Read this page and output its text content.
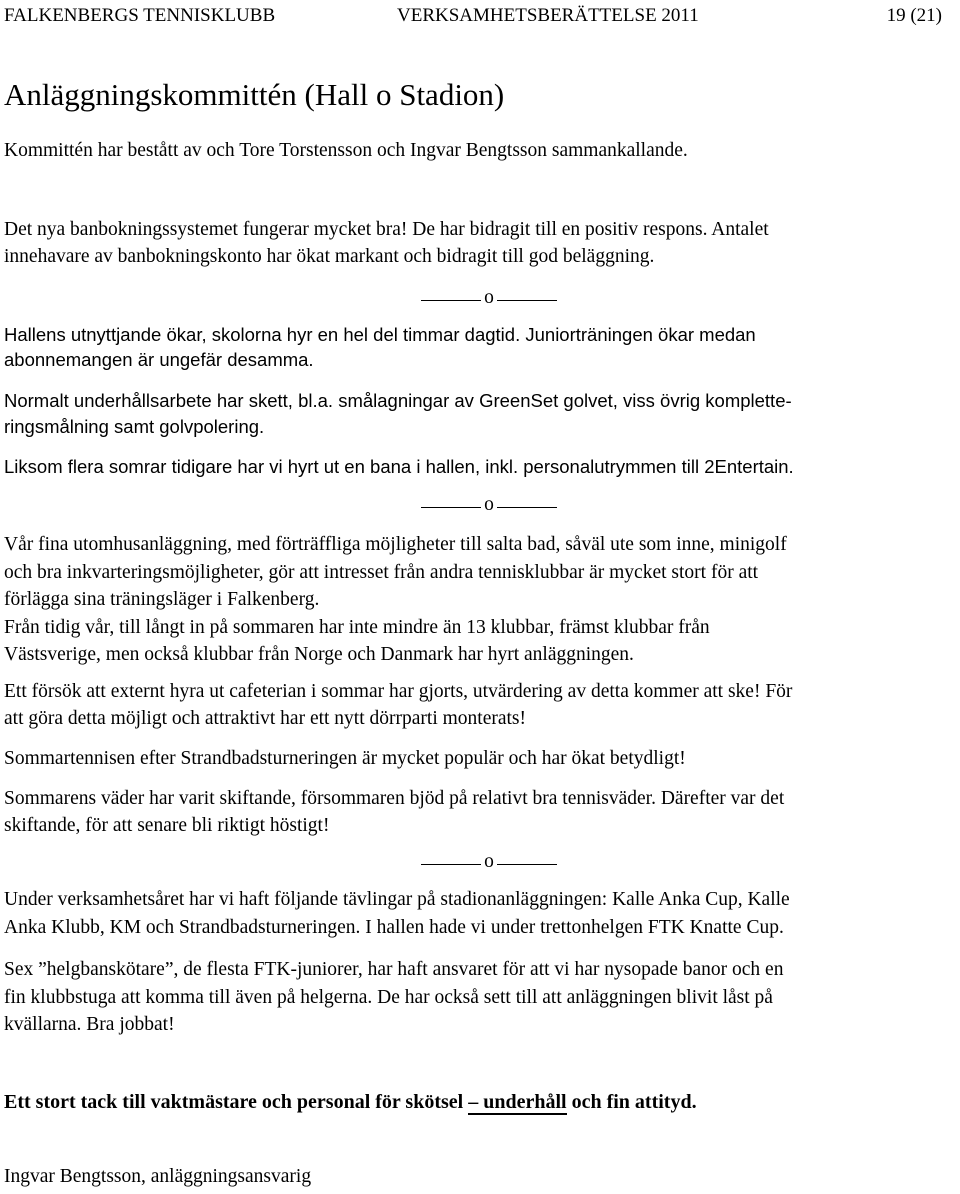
FALKENBERGS TENNISKLUBB	VERKSAMHETSBERÄTTELSE 2011	19 (21)
Anläggningskommittén (Hall o Stadion)

Kommittén har bestått av och Tore Torstensson och Ingvar Bengtsson sammankallande.

Det nya banbokningssystemet fungerar mycket bra! De har bidragit till en positiv respons. Antalet

innehavare av banbokningskonto har ökat markant och bidragit till god beläggning.

o

Hallens utnyttjande ökar, skolorna hyr en hel del timmar dagtid. Juniorträningen ökar medan

abonnemangen är ungefär desamma.

Normalt underhållsarbete har skett, bl.a. smålagningar av GreenSet golvet, viss övrig komplette-

ringsmålning samt golvpolering.

Liksom flera somrar tidigare har vi hyrt ut en bana i hallen, inkl. personalutrymmen till 2Entertain.

o

Vår fina utomhusanläggning, med förträffliga möjligheter till salta bad, såväl ute som inne, minigolf

och bra inkvarteringsmöjligheter, gör att intresset från andra tennisklubbar är mycket stort för att

förlägga sina träningsläger i Falkenberg.

Från tidig vår, till långt in på sommaren har inte mindre än 13 klubbar, främst klubbar från

Västsverige, men också klubbar från Norge och Danmark har hyrt anläggningen.

Ett försök att externt hyra ut cafeterian i sommar har gjorts, utvärdering av detta kommer att ske! För

att göra detta möjligt och attraktivt har ett nytt dörrparti monterats!

Sommartennisen efter Strandbadsturneringen är mycket populär och har ökat betydligt!

Sommarens väder har varit skiftande, försommaren bjöd på relativt bra tennisväder. Därefter var det

skiftande, för att senare bli riktigt höstigt!

o

Under verksamhetsåret har vi haft följande tävlingar på stadionanläggningen: Kalle Anka Cup, Kalle

Anka Klubb, KM och Strandbadsturneringen. I hallen hade vi under trettonhelgen FTK Knatte Cup.

Sex ”helgbanskötare”, de flesta FTK-juniorer, har haft ansvaret för att vi har nysopade banor och en

fin klubbstuga att komma till även på helgerna. De har också sett till att anläggningen blivit låst på

kvällarna. Bra jobbat!

Ett stort tack till vaktmästare och personal för skötsel – underhåll och fin attityd.

Ingvar Bengtsson, anläggningsansvarig
